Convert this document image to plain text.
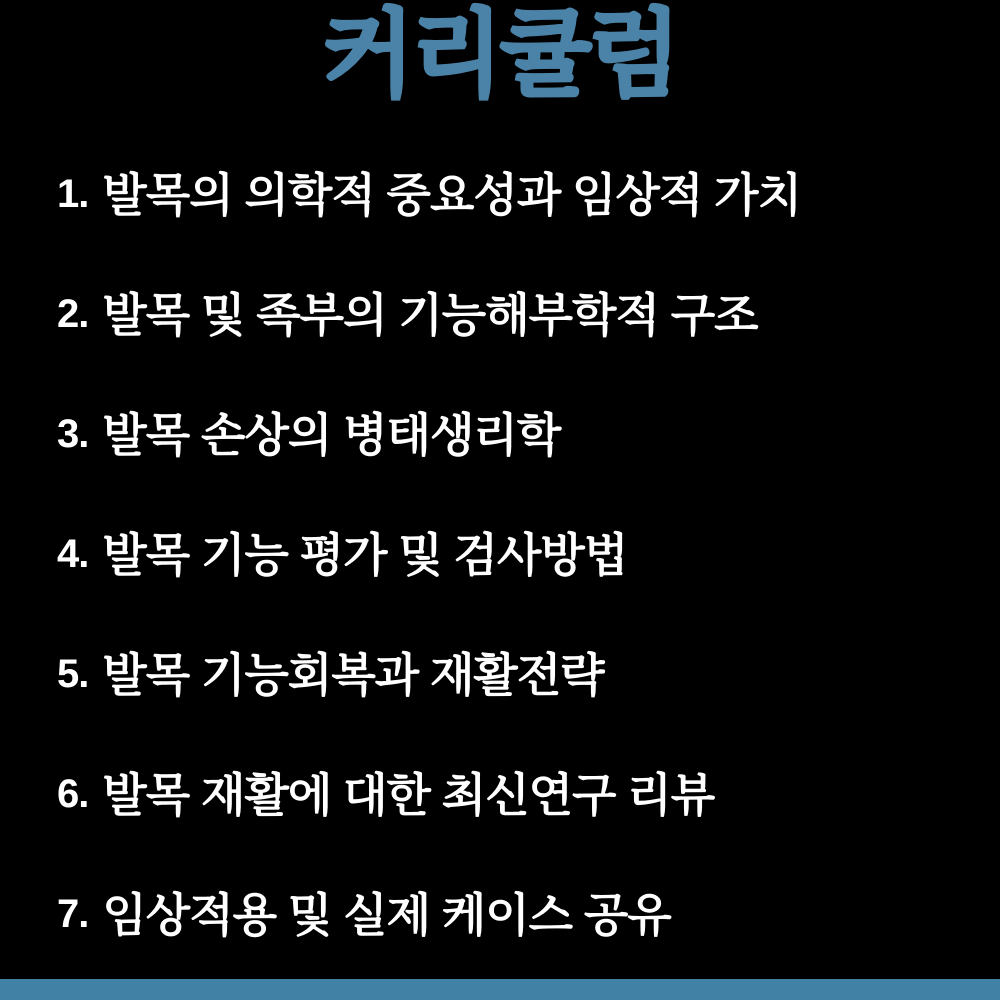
커리큘럼
1. 발목의 의학적 중요성과 임상적 가치
2. 발목 및 족부의 기능해부학적 구조
3. 발목 손상의 병태생리학
4. 발목 기능 평가 및 검사방법
5. 발목 기능회복과 재활전략
6. 발목 재활에 대한 최신연구 리뷰
7. 임상적용 및 실제 케이스 공유
